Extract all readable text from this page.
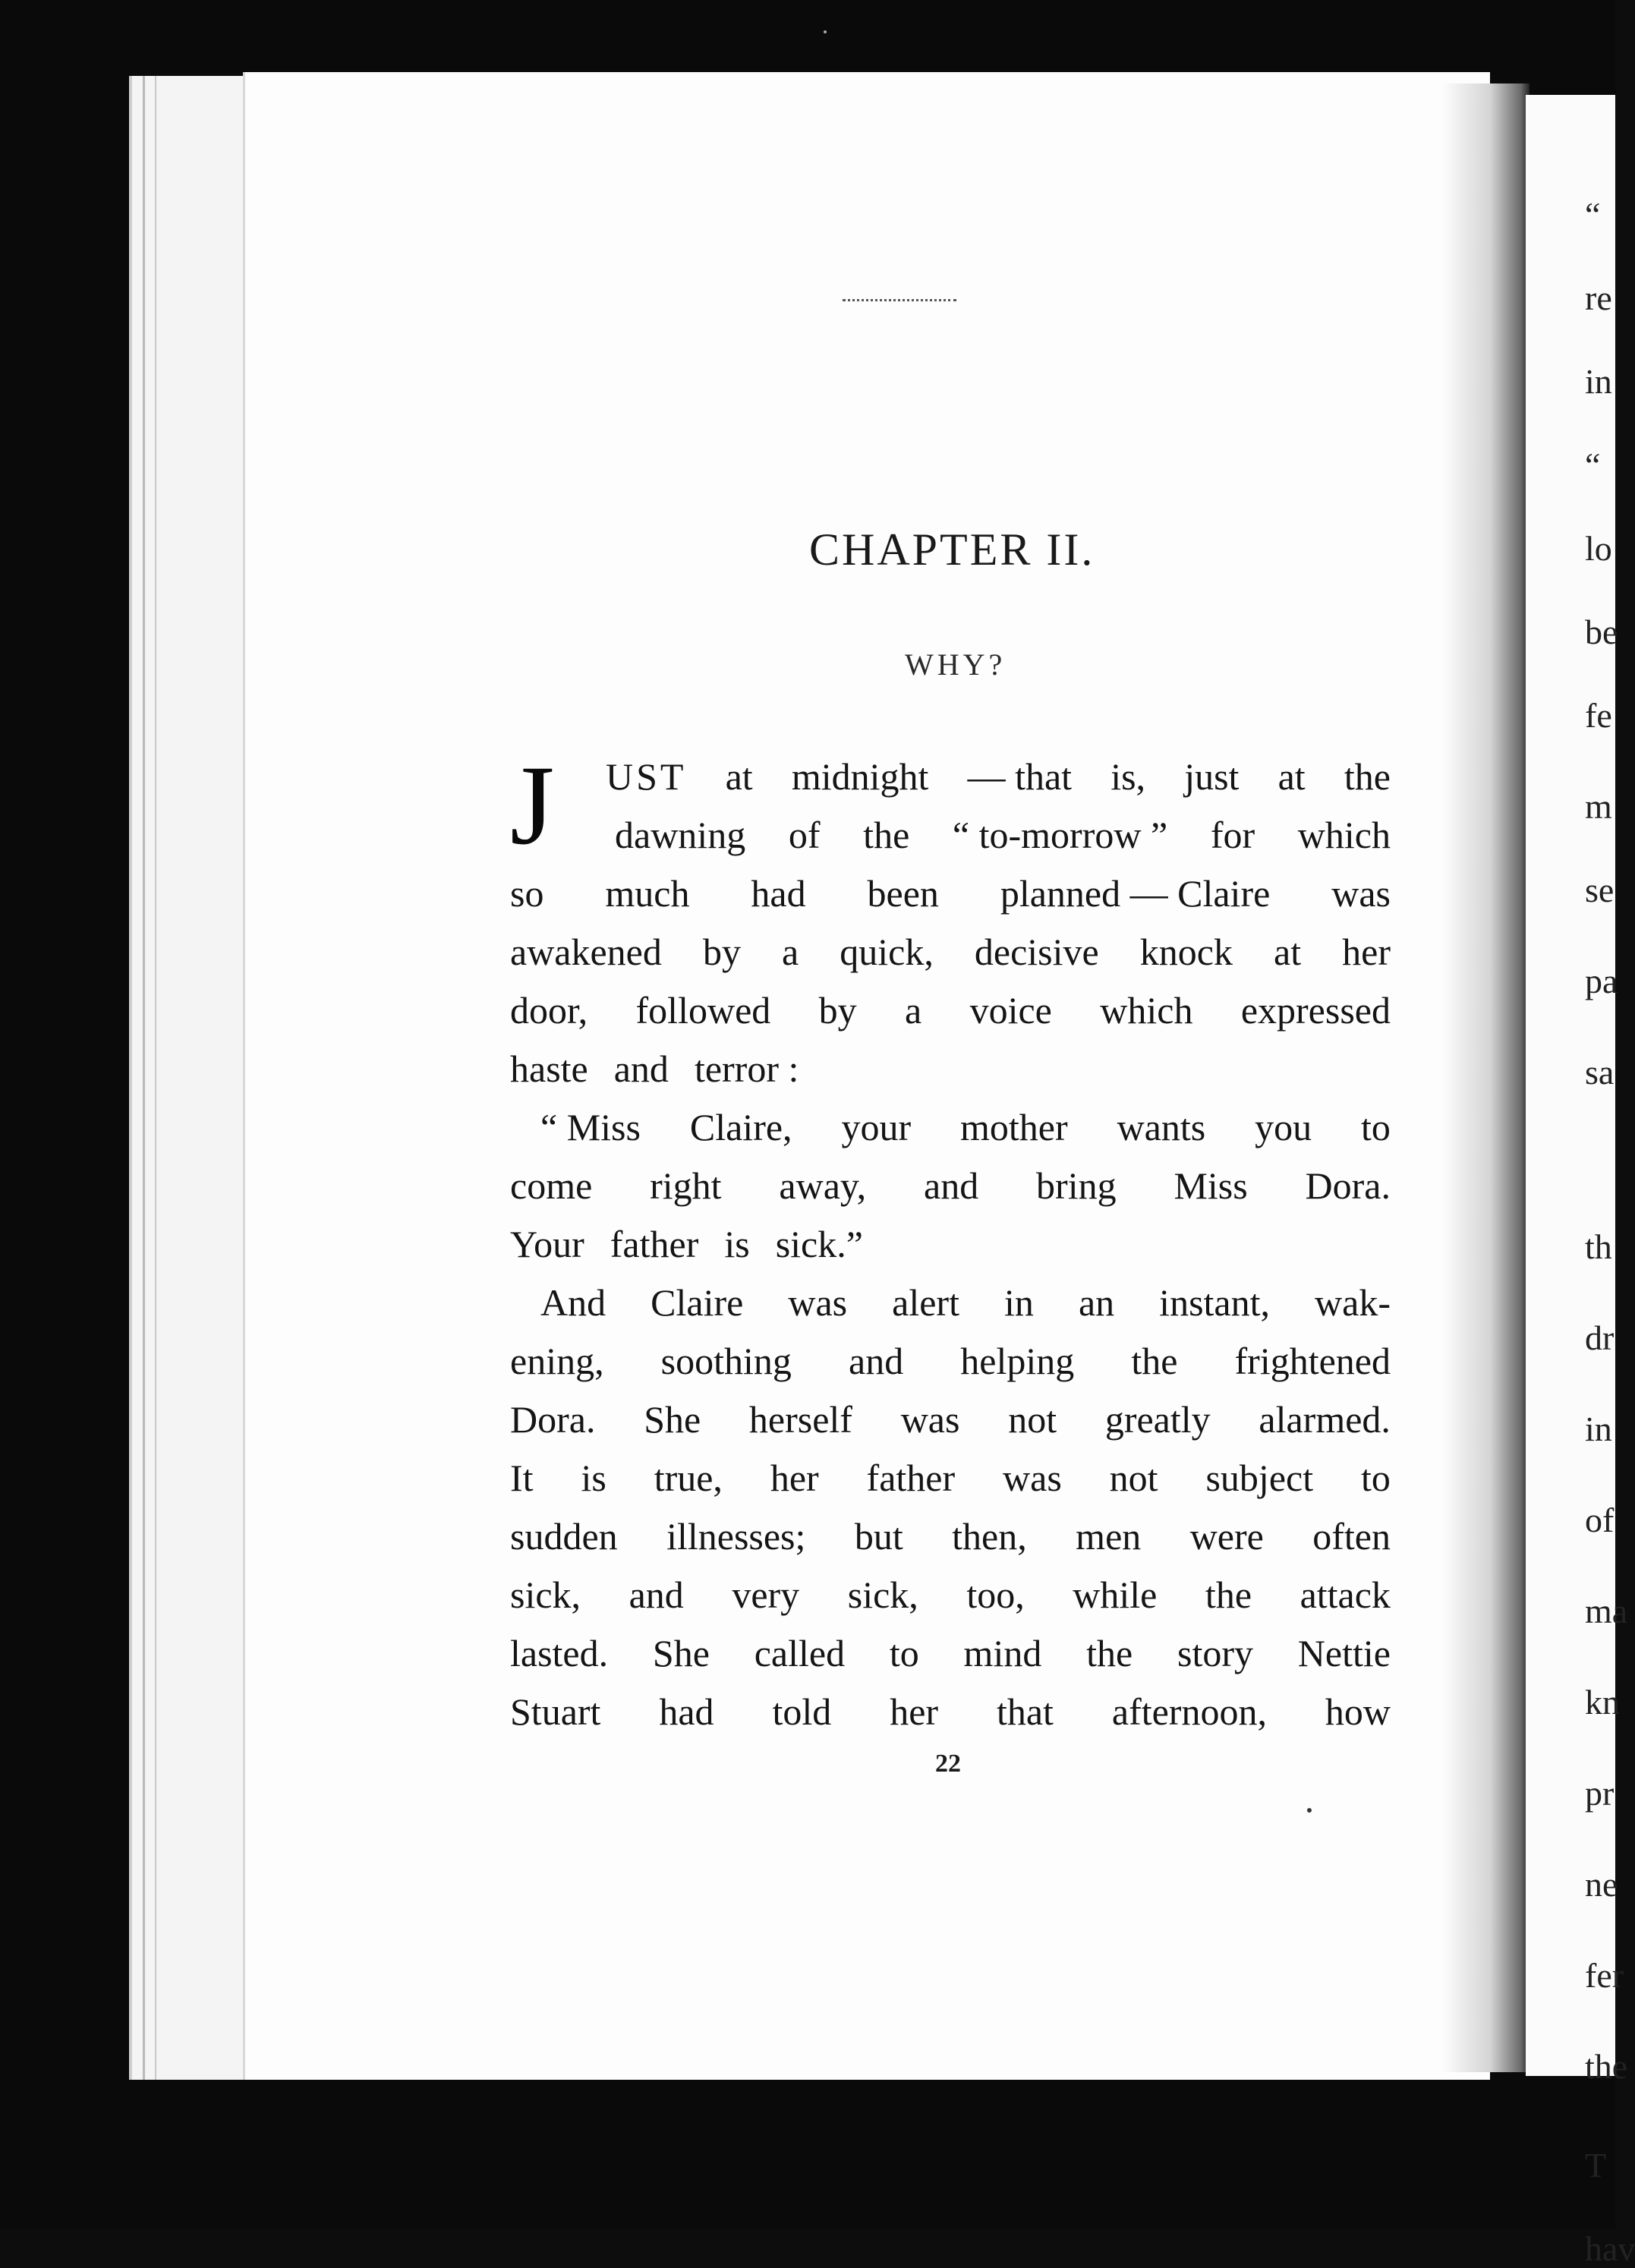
“
re
in
“
lo
be
fe
m
se
pa
sa
th
dr
in
of
ma
kn
pr
ne
fer
the
T
hav
CHAPTER II.
WHY?
J UST at midnight — that is, just at the
dawning of the “ to-morrow ” for which
so much had been planned — Claire was
awakened by a quick, decisive knock at her
door, followed by a voice which expressed
haste and terror :
“ Miss Claire, your mother wants you to
come right away, and bring Miss Dora.
Your father is sick.”
And Claire was alert in an instant, wak-
ening, soothing and helping the frightened
Dora. She herself was not greatly alarmed.
It is true, her father was not subject to
sudden illnesses; but then, men were often
sick, and very sick, too, while the attack
lasted. She called to mind the story Nettie
Stuart had told her that afternoon, how
22
